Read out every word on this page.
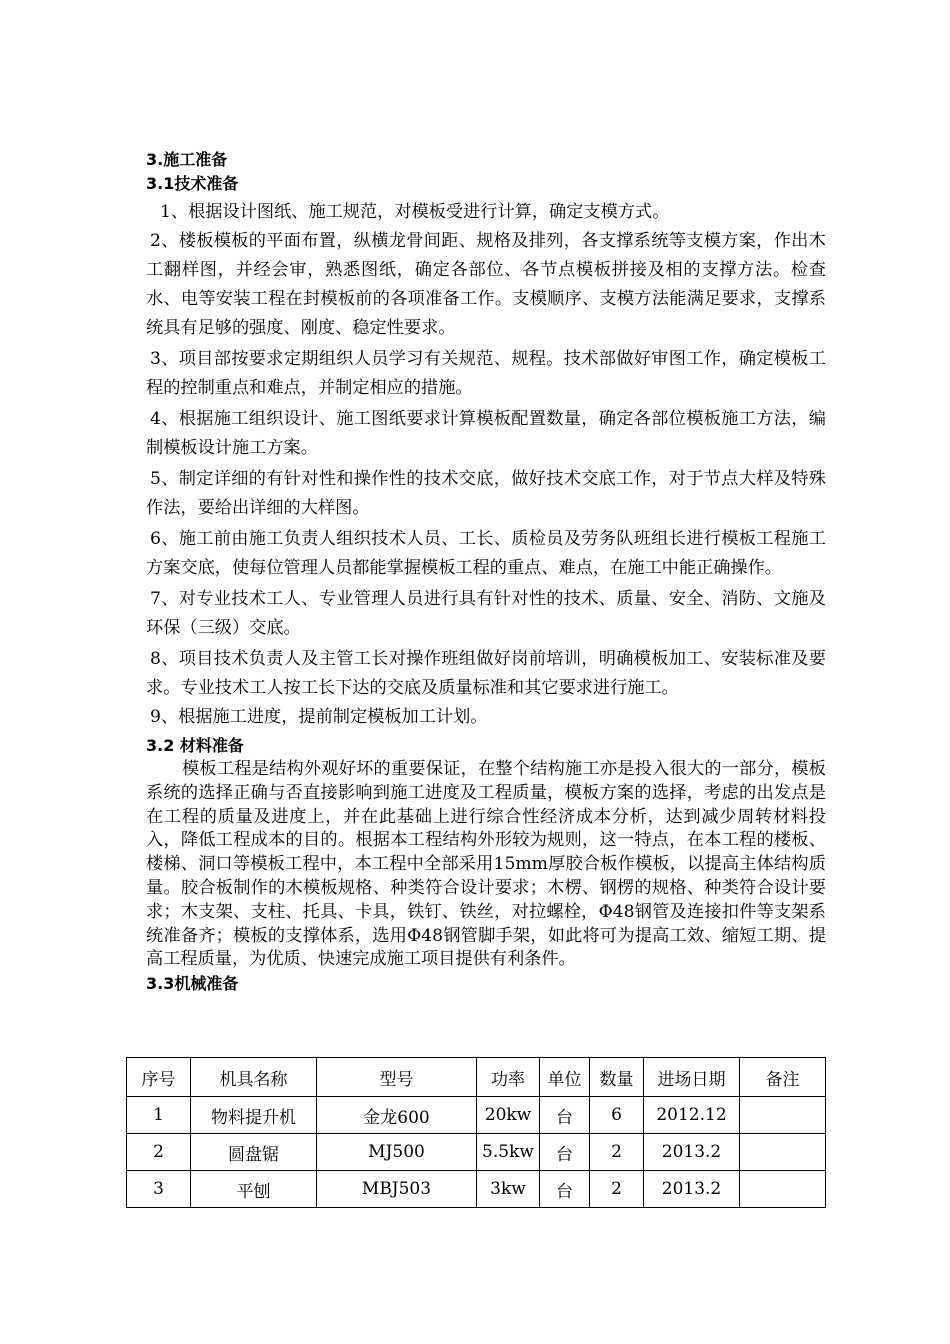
3.施工准备
3.1技术准备
1、根据设计图纸、施工规范，对模板受进行计算，确定支模方式。
2、楼板模板的平面布置，纵横龙骨间距、规格及排列，各支撑系统等支模方案，作出木工翻样图，并经会审，熟悉图纸，确定各部位、各节点模板拼接及相的支撑方法。检查水、电等安装工程在封模板前的各项准备工作。支模顺序、支模方法能满足要求，支撑系统具有足够的强度、刚度、稳定性要求。
3、项目部按要求定期组织人员学习有关规范、规程。技术部做好审图工作，确定模板工程的控制重点和难点，并制定相应的措施。
4、根据施工组织设计、施工图纸要求计算模板配置数量，确定各部位模板施工方法，编制模板设计施工方案。
5、制定详细的有针对性和操作性的技术交底，做好技术交底工作，对于节点大样及特殊作法，要给出详细的大样图。
6、施工前由施工负责人组织技术人员、工长、质检员及劳务队班组长进行模板工程施工方案交底，使每位管理人员都能掌握模板工程的重点、难点，在施工中能正确操作。
7、对专业技术工人、专业管理人员进行具有针对性的技术、质量、安全、消防、文施及环保（三级）交底。
8、项目技术负责人及主管工长对操作班组做好岗前培训，明确模板加工、安装标准及要求。专业技术工人按工长下达的交底及质量标准和其它要求进行施工。
9、根据施工进度，提前制定模板加工计划。
3.2 材料准备
模板工程是结构外观好坏的重要保证，在整个结构施工亦是投入很大的一部分，模板系统的选择正确与否直接影响到施工进度及工程质量，模板方案的选择，考虑的出发点是在工程的质量及进度上，并在此基础上进行综合性经济成本分析，达到减少周转材料投入，降低工程成本的目的。根据本工程结构外形较为规则，这一特点，在本工程的楼板、楼梯、洞口等模板工程中，本工程中全部采用15mm厚胶合板作模板，以提高主体结构质量。胶合板制作的木模板规格、种类符合设计要求；木楞、钢楞的规格、种类符合设计要求；木支架、支柱、托具、卡具，铁钉、铁丝，对拉螺栓，Φ48钢管及连接扣件等支架系统准备齐；模板的支撑体系，选用Φ48钢管脚手架，如此将可为提高工效、缩短工期、提高工程质量，为优质、快速完成施工项目提供有利条件。
3.3机械准备
序号	机具名称	型号	功率	单位	数量	进场日期	备注
1	物料提升机	金龙600	20kw	台	6	2012.12	
2	圆盘锯	MJ500	5.5kw	台	2	2013.2	
3	平刨	MBJ503	3kw	台	2	2013.2	
